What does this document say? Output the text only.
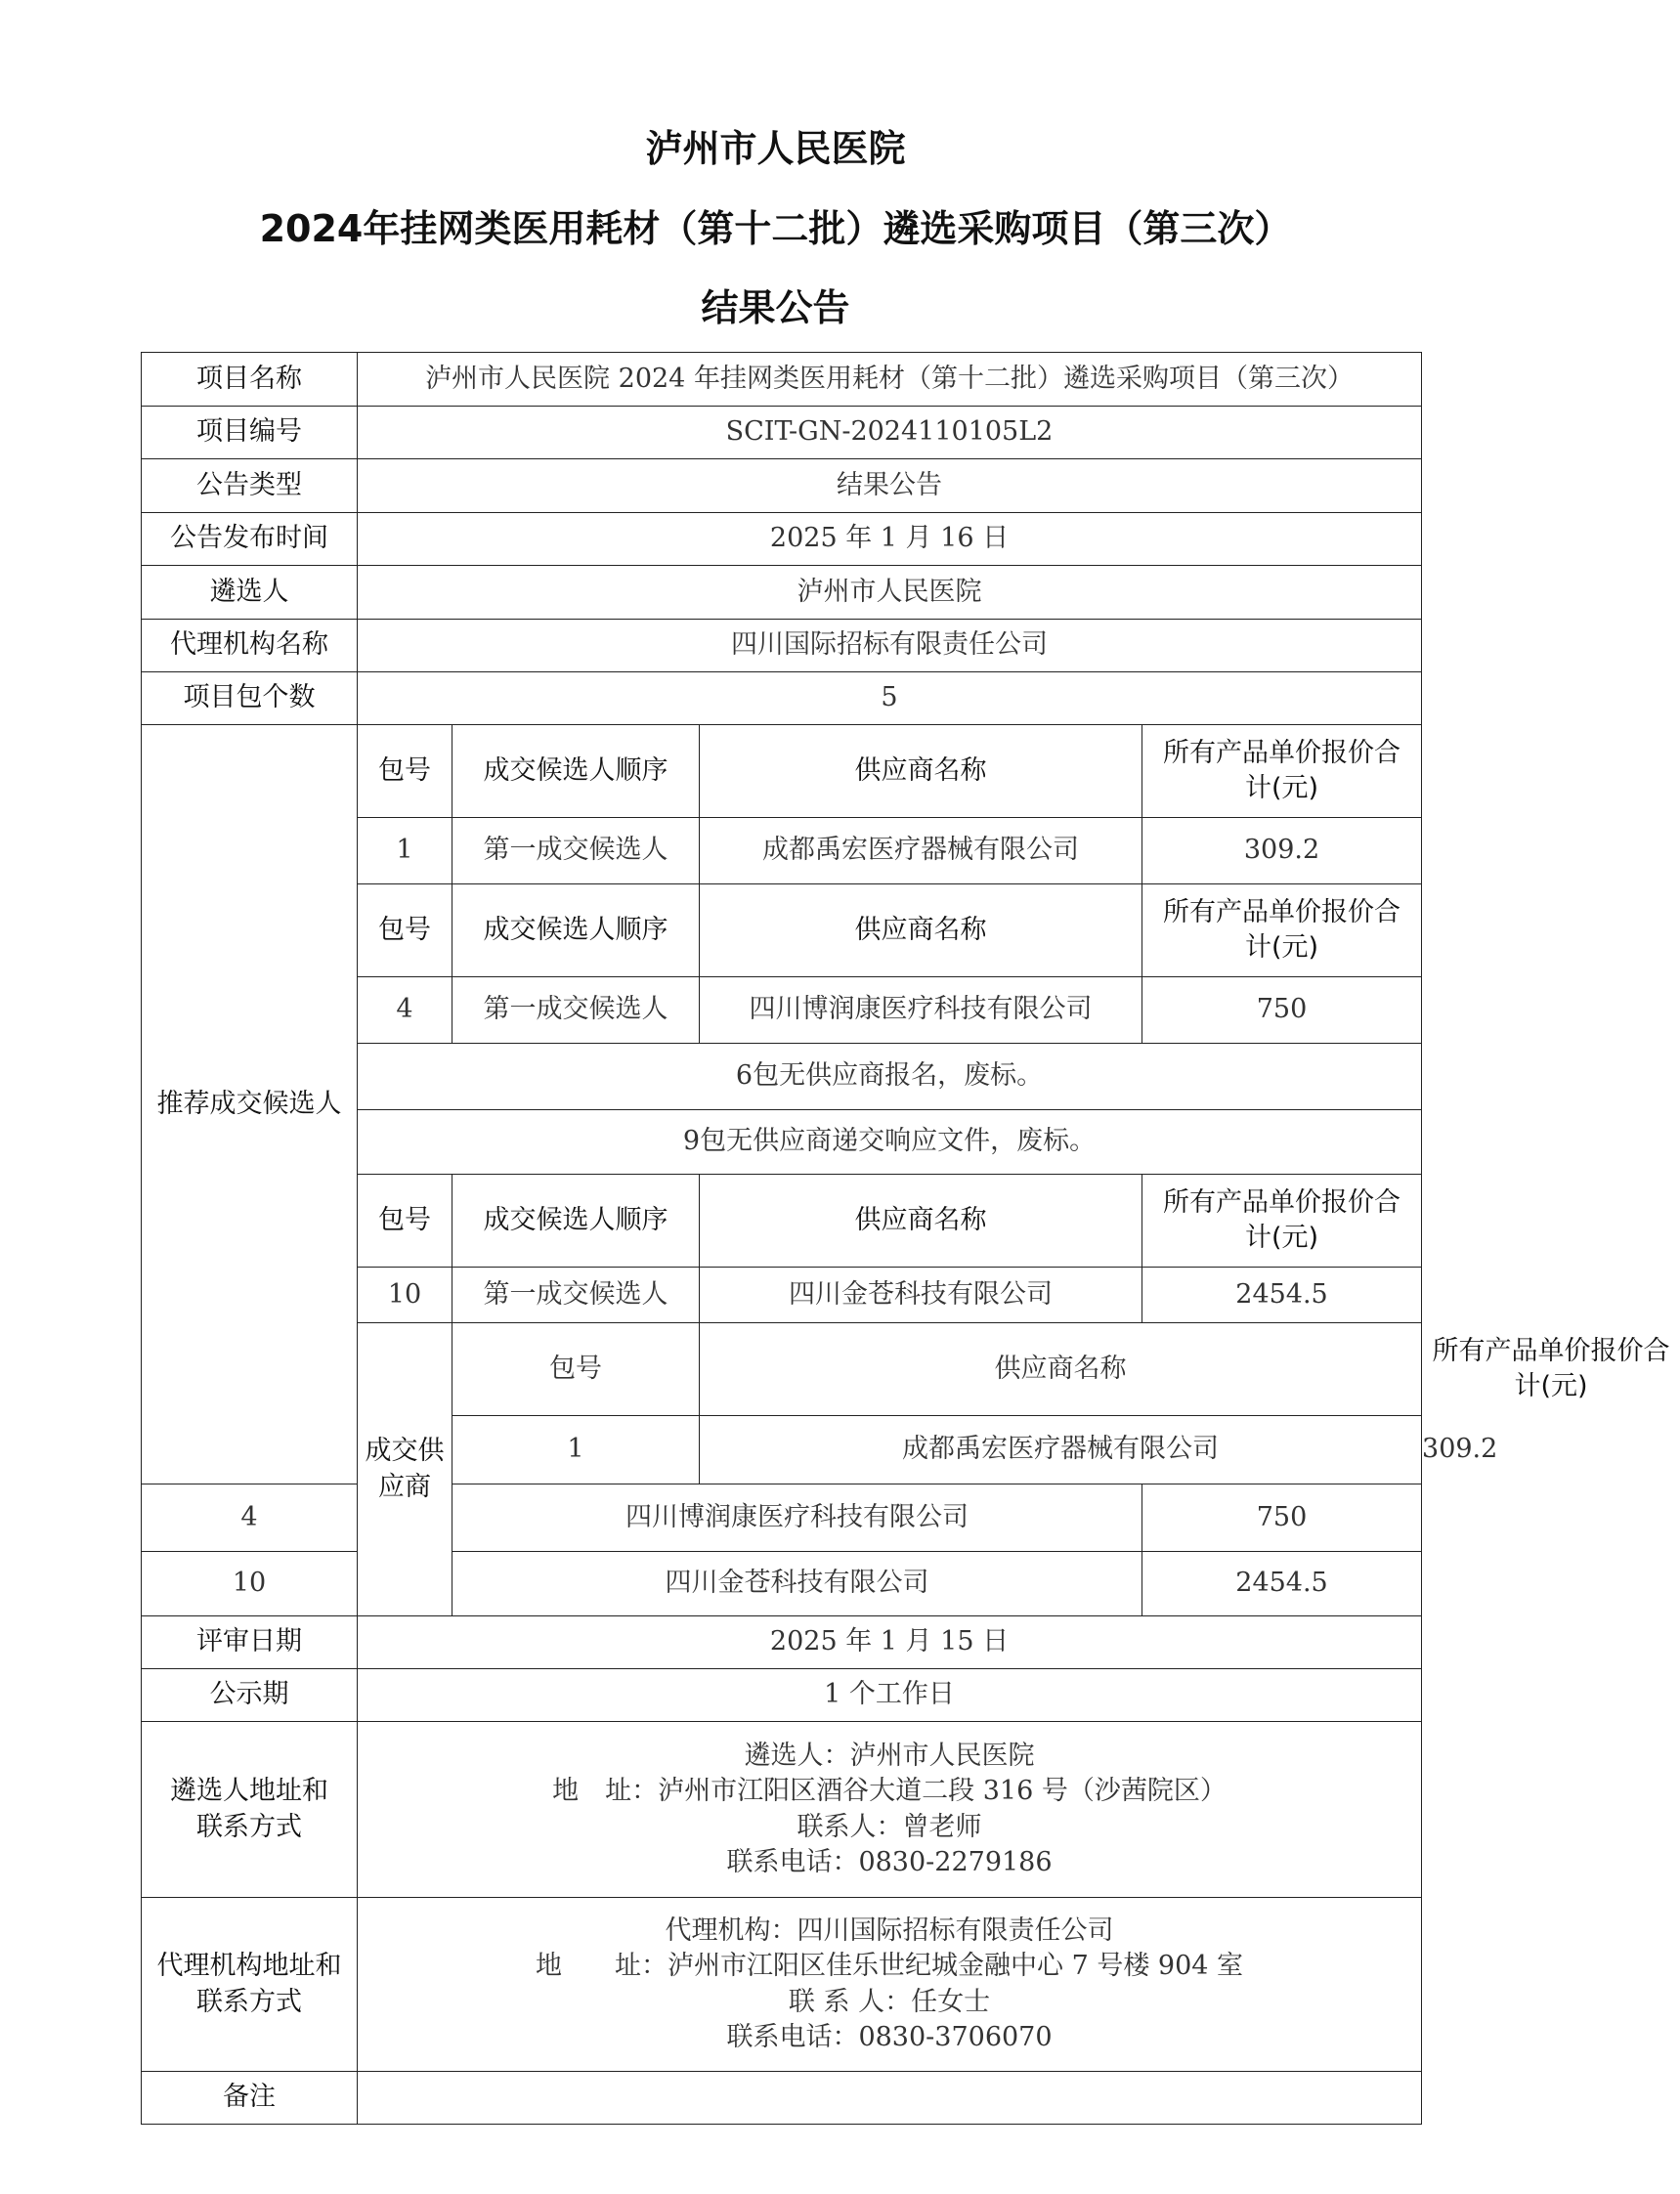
泸州市人民医院
2024年挂网类医用耗材（第十二批）遴选采购项目（第三次）
结果公告
项目名称	泸州市人民医院 2024 年挂网类医用耗材（第十二批）遴选采购项目（第三次）				
项目编号	SCIT-GN-2024110105L2				
公告类型	结果公告				
公告发布时间	2025 年 1 月 16 日				
遴选人	泸州市人民医院				
代理机构名称	四川国际招标有限责任公司				
项目包个数	5				

推荐成交候选人	包号	成交候选人顺序	供应商名称	所有产品单价报价合计(元)	

	1	第一成交候选人	成都禹宏医疗器械有限公司	309.2	
	包号	成交候选人顺序	供应商名称	所有产品单价报价合计(元)	

	4	第一成交候选人	四川博润康医疗科技有限公司	750	
	6包无供应商报名，废标。				
	9包无供应商递交响应文件，废标。				
	包号	成交候选人顺序	供应商名称	所有产品单价报价合计(元)	

	10	第一成交候选人	四川金苍科技有限公司	2454.5	
	成交供应商	包号	供应商名称		所有产品单价报价合计(元)

		1	成都禹宏医疗器械有限公司		309.2
4		四川博润康医疗科技有限公司		750	
10		四川金苍科技有限公司		2454.5	
评审日期	2025 年 1 月 15 日				
公示期	1 个工作日				

遴选人地址和联系方式	遴选人：泸州市人民医院
地　址：泸州市江阳区酒谷大道二段 316 号（沙茜院区）
联系人：曾老师
联系电话：0830-2279186				

代理机构地址和联系方式	代理机构：四川国际招标有限责任公司
地　　址：泸州市江阳区佳乐世纪城金融中心 7 号楼 904 室
联 系 人：任女士
联系电话：0830-3706070				

备注					
